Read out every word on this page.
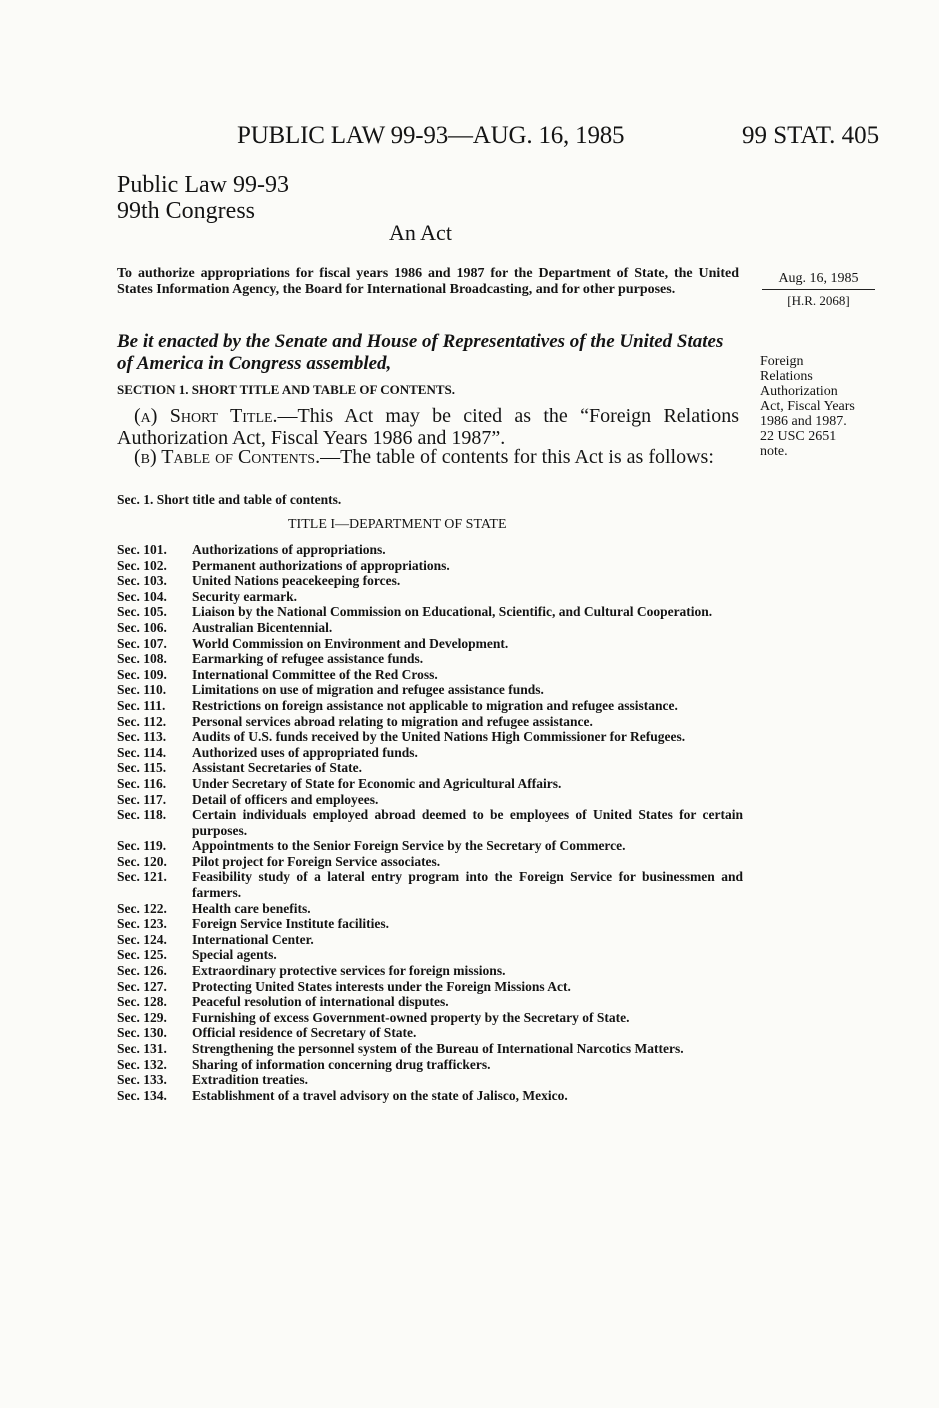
PUBLIC LAW 99-93—AUG. 16, 1985	99 STAT. 405
Public Law 99-93
99th Congress
An Act
To authorize appropriations for fiscal years 1986 and 1987 for the Department of State, the United States Information Agency, the Board for International Broadcasting, and for other purposes.
Aug. 16, 1985
[H.R. 2068]
Foreign
Relations
Authorization
Act, Fiscal Years
1986 and 1987.
22 USC 2651
note.
Be it enacted by the Senate and House of Representatives of the United States of America in Congress assembled,
SECTION 1. SHORT TITLE AND TABLE OF CONTENTS.
(a) Short Title.—This Act may be cited as the “Foreign Relations Authorization Act, Fiscal Years 1986 and 1987”.
(b) Table of Contents.—The table of contents for this Act is as follows:
Sec. 1. Short title and table of contents.
TITLE I—DEPARTMENT OF STATE
Sec. 101.	Authorizations of appropriations.
Sec. 102.	Permanent authorizations of appropriations.
Sec. 103.	United Nations peacekeeping forces.
Sec. 104.	Security earmark.
Sec. 105.	Liaison by the National Commission on Educational, Scientific, and Cultural Cooperation.
Sec. 106.	Australian Bicentennial.
Sec. 107.	World Commission on Environment and Development.
Sec. 108.	Earmarking of refugee assistance funds.
Sec. 109.	International Committee of the Red Cross.
Sec. 110.	Limitations on use of migration and refugee assistance funds.
Sec. 111.	Restrictions on foreign assistance not applicable to migration and refugee assistance.
Sec. 112.	Personal services abroad relating to migration and refugee assistance.
Sec. 113.	Audits of U.S. funds received by the United Nations High Commissioner for Refugees.
Sec. 114.	Authorized uses of appropriated funds.
Sec. 115.	Assistant Secretaries of State.
Sec. 116.	Under Secretary of State for Economic and Agricultural Affairs.
Sec. 117.	Detail of officers and employees.
Sec. 118.	Certain individuals employed abroad deemed to be employees of United States for certain purposes.
Sec. 119.	Appointments to the Senior Foreign Service by the Secretary of Commerce.
Sec. 120.	Pilot project for Foreign Service associates.
Sec. 121.	Feasibility study of a lateral entry program into the Foreign Service for businessmen and farmers.
Sec. 122.	Health care benefits.
Sec. 123.	Foreign Service Institute facilities.
Sec. 124.	International Center.
Sec. 125.	Special agents.
Sec. 126.	Extraordinary protective services for foreign missions.
Sec. 127.	Protecting United States interests under the Foreign Missions Act.
Sec. 128.	Peaceful resolution of international disputes.
Sec. 129.	Furnishing of excess Government-owned property by the Secretary of State.
Sec. 130.	Official residence of Secretary of State.
Sec. 131.	Strengthening the personnel system of the Bureau of International Narcotics Matters.
Sec. 132.	Sharing of information concerning drug traffickers.
Sec. 133.	Extradition treaties.
Sec. 134.	Establishment of a travel advisory on the state of Jalisco, Mexico.
